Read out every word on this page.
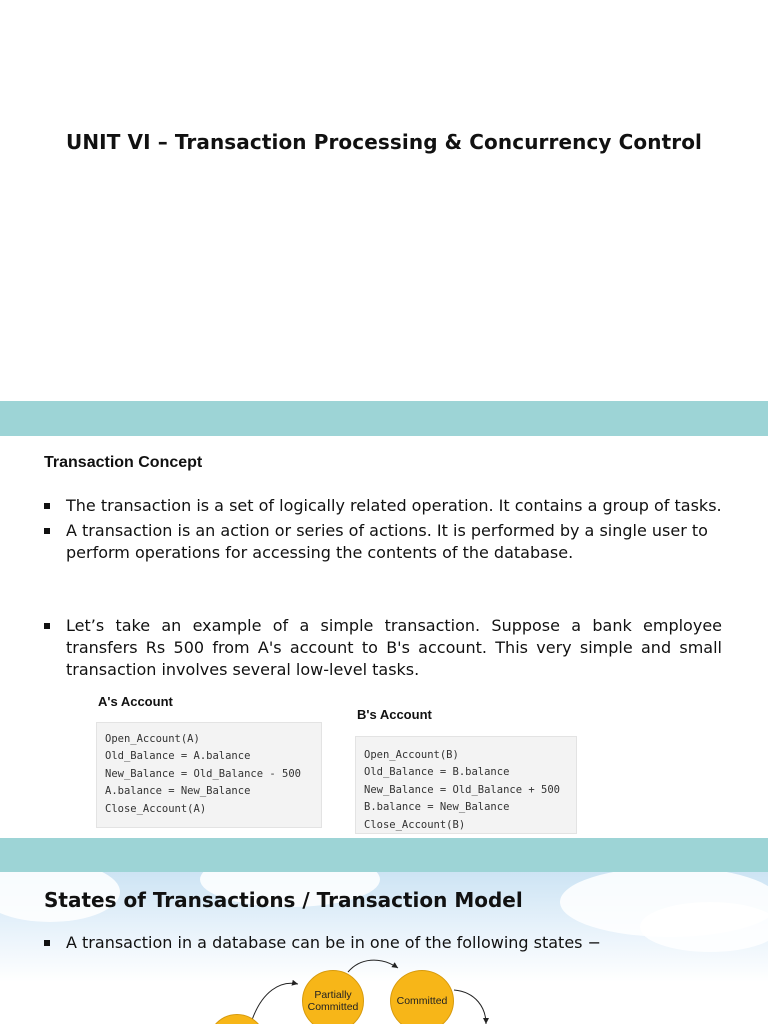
UNIT VI – Transaction Processing & Concurrency Control
Transaction Concept
The transaction is a set of logically related operation. It contains a group of tasks.
A transaction is an action or series of actions. It is performed by a single user to perform operations for accessing the contents of the database.
Let’s take an example of a simple transaction. Suppose a bank employee transfers Rs 500 from A's account to B's account. This very simple and small transaction involves several low-level tasks.
A's Account
Open_Account(A)
Old_Balance = A.balance
New_Balance = Old_Balance - 500
A.balance = New_Balance
Close_Account(A)
B's Account
Open_Account(B)
Old_Balance = B.balance
New_Balance = Old_Balance + 500
B.balance = New_Balance
Close_Account(B)
States of Transactions / Transaction Model
A transaction in a database can be in one of the following states −
Partially Committed	Committed
